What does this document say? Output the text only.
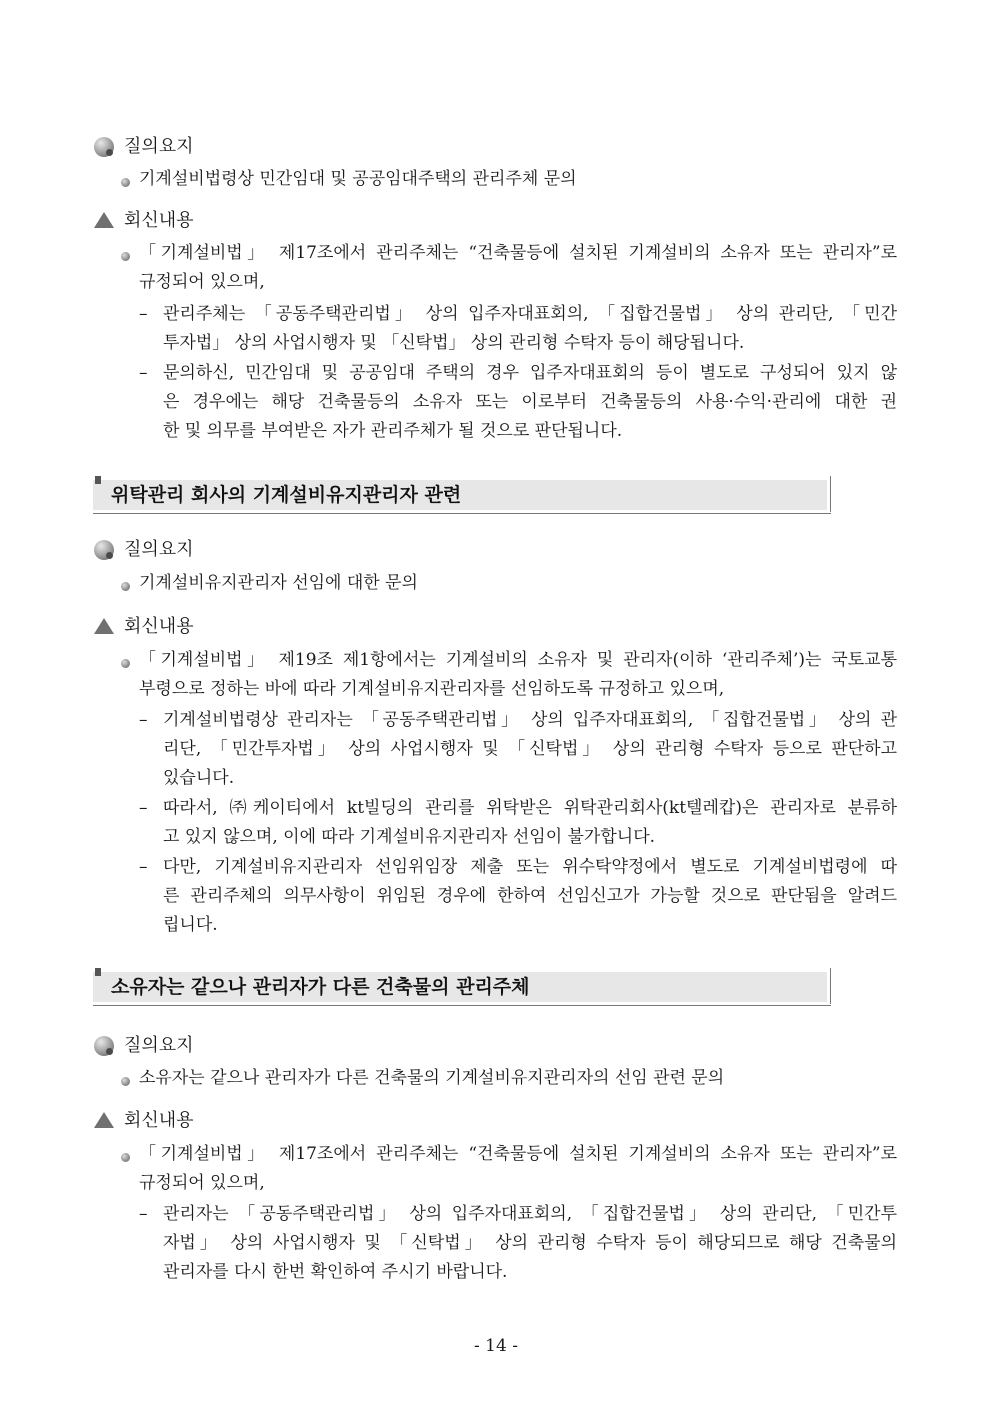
질의요지
기계설비법령상 민간임대 및 공공임대주택의 관리주체 문의
회신내용
「기계설비법」 제17조에서 관리주체는 “건축물등에 설치된 기계설비의 소유자 또는 관리자”로
규정되어 있으며,
– 관리주체는 「공동주택관리법」 상의 입주자대표회의, 「집합건물법」 상의 관리단, 「민간
투자법」 상의 사업시행자 및 「신탁법」 상의 관리형 수탁자 등이 해당됩니다.
– 문의하신, 민간임대 및 공공임대 주택의 경우 입주자대표회의 등이 별도로 구성되어 있지 않
은 경우에는 해당 건축물등의 소유자 또는 이로부터 건축물등의 사용·수익·관리에 대한 권
한 및 의무를 부여받은 자가 관리주체가 될 것으로 판단됩니다.
위탁관리 회사의 기계설비유지관리자 관련
질의요지
기계설비유지관리자 선임에 대한 문의
회신내용
「기계설비법」 제19조 제1항에서는 기계설비의 소유자 및 관리자(이하 ‘관리주체’)는 국토교통
부령으로 정하는 바에 따라 기계설비유지관리자를 선임하도록 규정하고 있으며,
– 기계설비법령상 관리자는 「공동주택관리법」 상의 입주자대표회의, 「집합건물법」 상의 관
리단, 「민간투자법」 상의 사업시행자 및 「신탁법」 상의 관리형 수탁자 등으로 판단하고
있습니다.
– 따라서, ㈜케이티에서 kt빌딩의 관리를 위탁받은 위탁관리회사(kt텔레캅)은 관리자로 분류하
고 있지 않으며, 이에 따라 기계설비유지관리자 선임이 불가합니다.
– 다만, 기계설비유지관리자 선임위임장 제출 또는 위수탁약정에서 별도로 기계설비법령에 따
른 관리주체의 의무사항이 위임된 경우에 한하여 선임신고가 가능할 것으로 판단됨을 알려드
립니다.
소유자는 같으나 관리자가 다른 건축물의 관리주체
질의요지
소유자는 같으나 관리자가 다른 건축물의 기계설비유지관리자의 선임 관련 문의
회신내용
「기계설비법」 제17조에서 관리주체는 “건축물등에 설치된 기계설비의 소유자 또는 관리자”로
규정되어 있으며,
– 관리자는 「공동주택관리법」 상의 입주자대표회의, 「집합건물법」 상의 관리단, 「민간투
자법」 상의 사업시행자 및 「신탁법」 상의 관리형 수탁자 등이 해당되므로 해당 건축물의
관리자를 다시 한번 확인하여 주시기 바랍니다.
- 14 -
